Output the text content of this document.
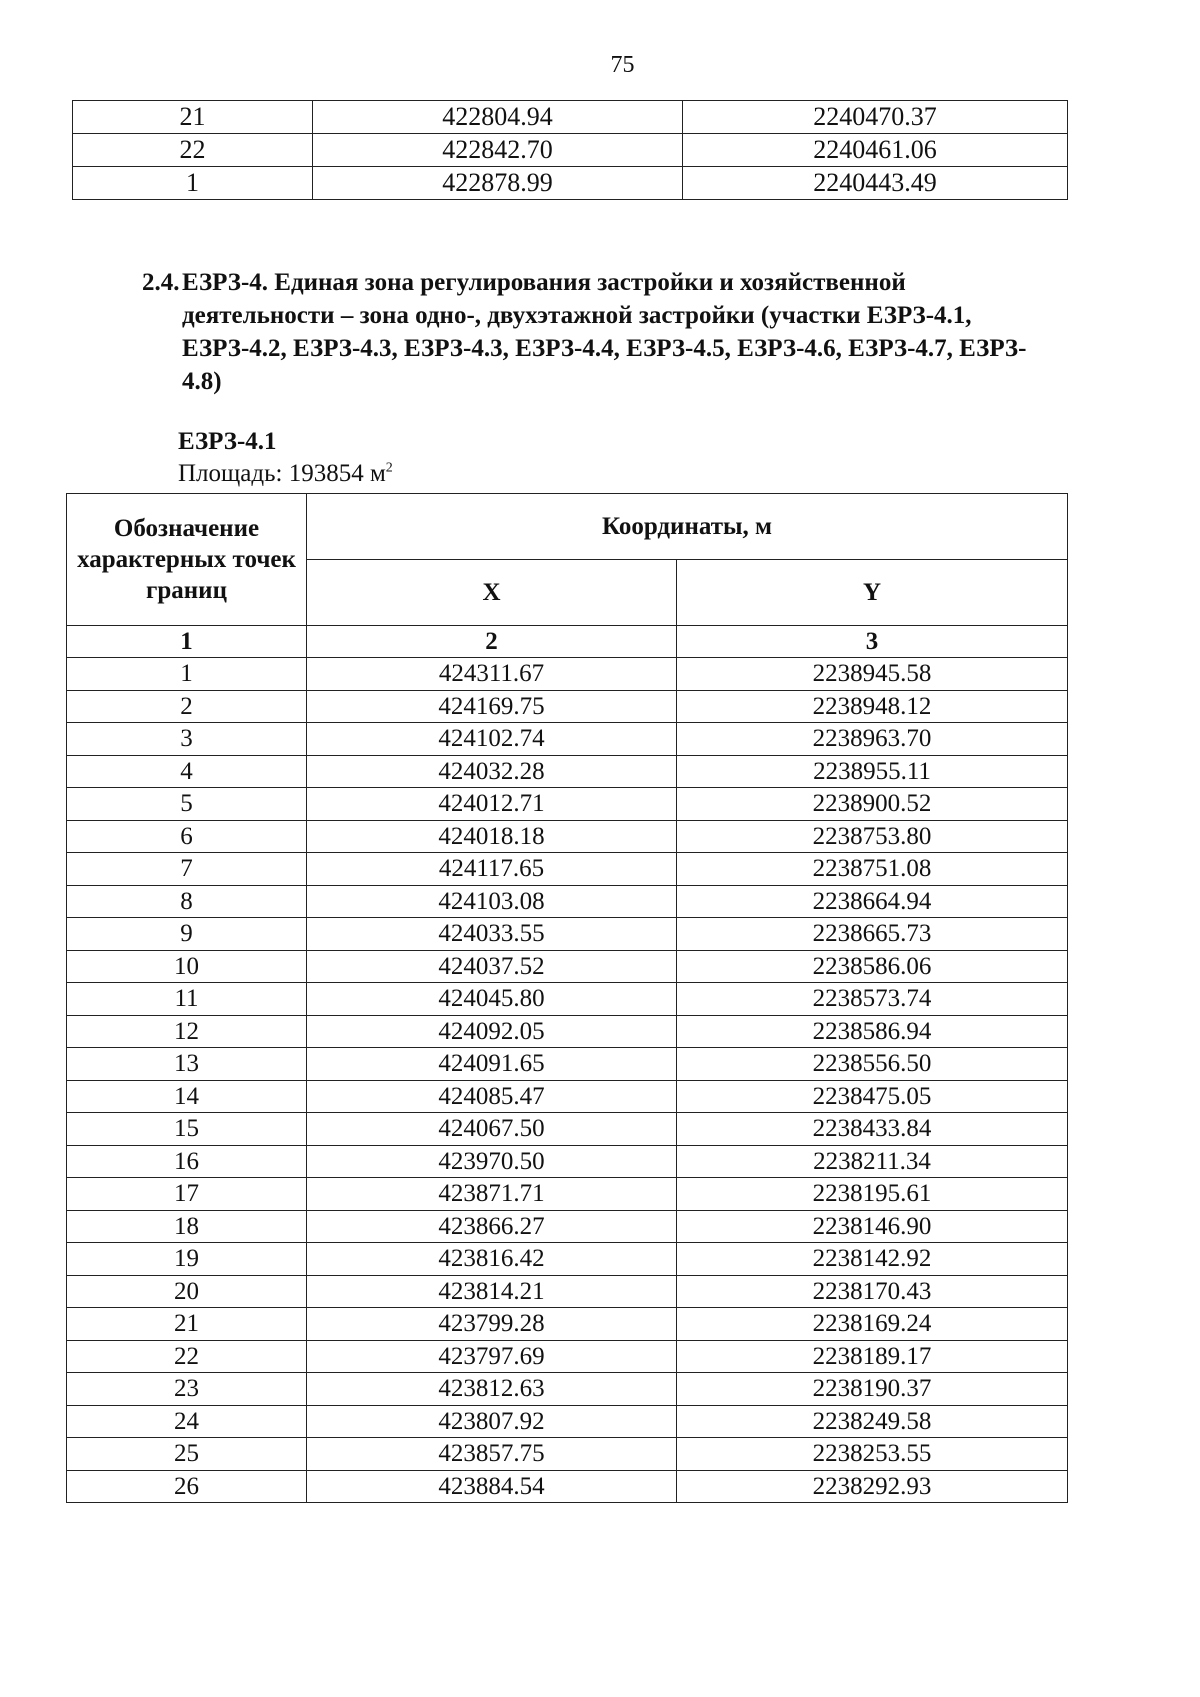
75
21	422804.94	2240470.37
22	422842.70	2240461.06
1	422878.99	2240443.49
2.4. ЕЗРЗ-4. Единая зона регулирования застройки и хозяйственной
деятельности – зона одно-, двухэтажной застройки (участки ЕЗРЗ-4.1,
ЕЗРЗ-4.2, ЕЗРЗ-4.3, ЕЗРЗ-4.3, ЕЗРЗ-4.4, ЕЗРЗ-4.5, ЕЗРЗ-4.6, ЕЗРЗ-4.7, ЕЗРЗ-
4.8)
ЕЗРЗ-4.1
Площадь: 193854 $м^2$
Обозначение характерных точек границ	Координаты, м	
	X	Y
1	2	3
1	424311.67	2238945.58
2	424169.75	2238948.12
3	424102.74	2238963.70
4	424032.28	2238955.11
5	424012.71	2238900.52
6	424018.18	2238753.80
7	424117.65	2238751.08
8	424103.08	2238664.94
9	424033.55	2238665.73
10	424037.52	2238586.06
11	424045.80	2238573.74
12	424092.05	2238586.94
13	424091.65	2238556.50
14	424085.47	2238475.05
15	424067.50	2238433.84
16	423970.50	2238211.34
17	423871.71	2238195.61
18	423866.27	2238146.90
19	423816.42	2238142.92
20	423814.21	2238170.43
21	423799.28	2238169.24
22	423797.69	2238189.17
23	423812.63	2238190.37
24	423807.92	2238249.58
25	423857.75	2238253.55
26	423884.54	2238292.93
